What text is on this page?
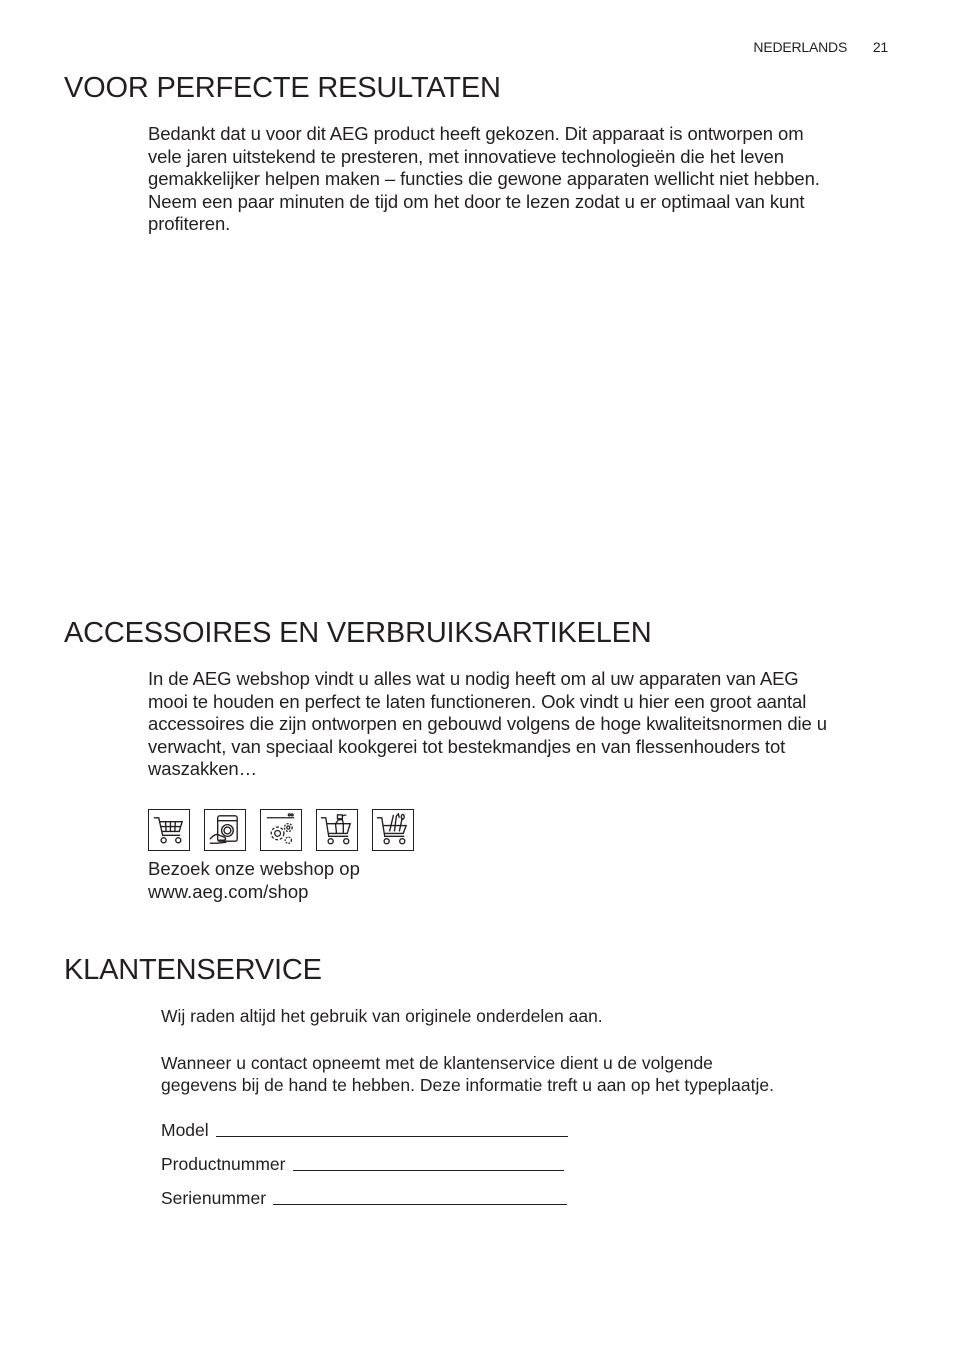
NEDERLANDS 21
VOOR PERFECTE RESULTATEN
Bedankt dat u voor dit AEG product heeft gekozen. Dit apparaat is ontworpen om
vele jaren uitstekend te presteren, met innovatieve technologieën die het leven
gemakkelijker helpen maken – functies die gewone apparaten wellicht niet hebben.
Neem een paar minuten de tijd om het door te lezen zodat u er optimaal van kunt
profiteren.
ACCESSOIRES EN VERBRUIKSARTIKELEN
In de AEG webshop vindt u alles wat u nodig heeft om al uw apparaten van AEG
mooi te houden en perfect te laten functioneren. Ook vindt u hier een groot aantal
accessoires die zijn ontworpen en gebouwd volgens de hoge kwaliteitsnormen die u
verwacht, van speciaal kookgerei tot bestekmandjes en van flessenhouders tot
waszakken…
Bezoek onze webshop op
www.aeg.com/shop
KLANTENSERVICE

Wij raden altijd het gebruik van originele onderdelen aan.

Wanneer u contact opneemt met de klantenservice dient u de volgende
gegevens bij de hand te hebben. Deze informatie treft u aan op het typeplaatje.
Model
Productnummer
Serienummer
